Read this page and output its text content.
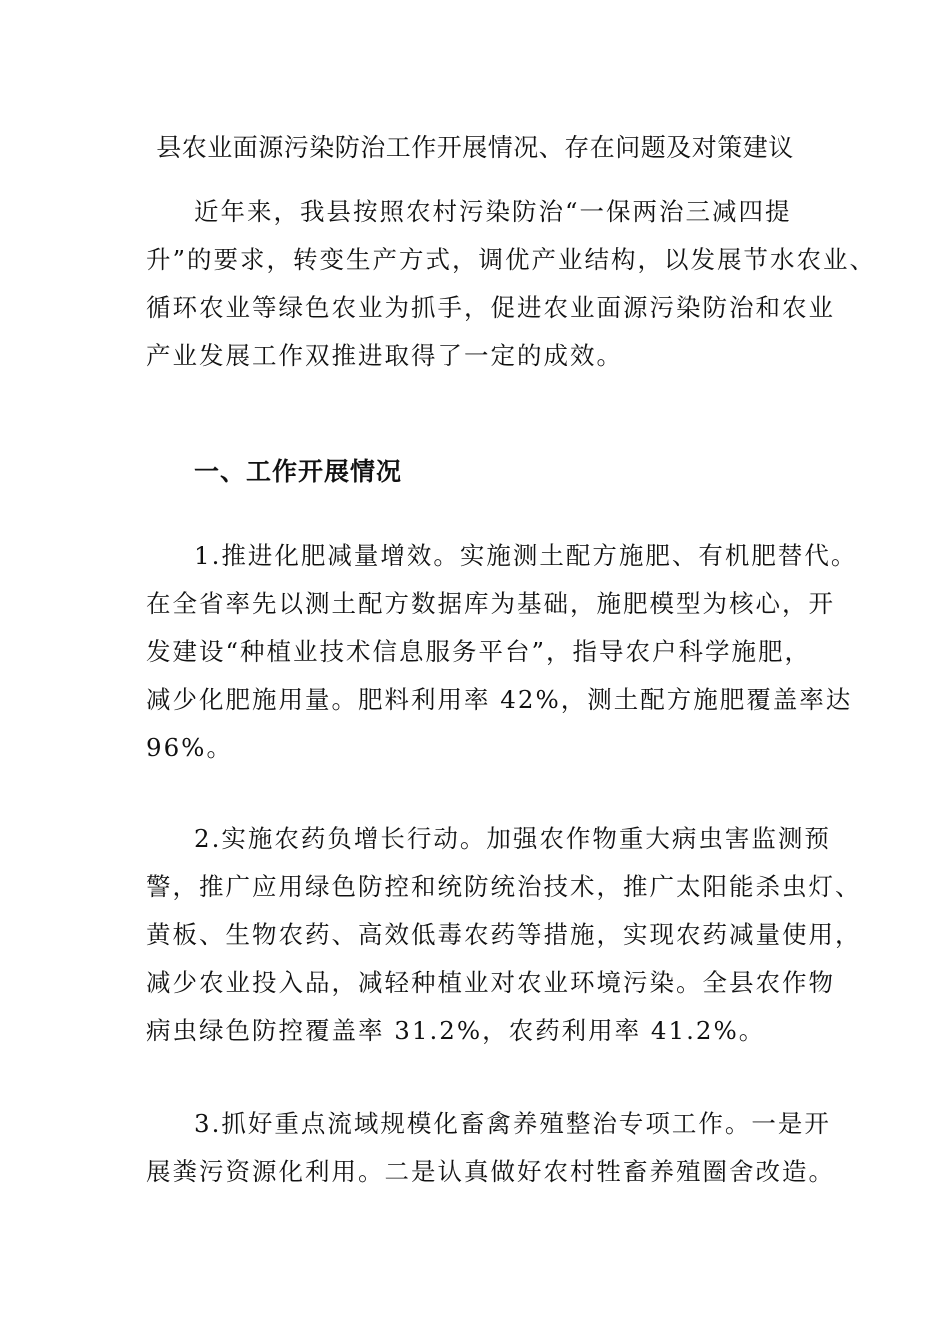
县农业面源污染防治工作开展情况、存在问题及对策建议
近年来，我县按照农村污染防治“一保两治三减四提
升”的要求，转变生产方式，调优产业结构，以发展节水农业、
循环农业等绿色农业为抓手，促进农业面源污染防治和农业
产业发展工作双推进取得了一定的成效。
一、工作开展情况
1.推进化肥减量增效。实施测土配方施肥、有机肥替代。
在全省率先以测土配方数据库为基础，施肥模型为核心，开
发建设“种植业技术信息服务平台”，指导农户科学施肥，
减少化肥施用量。肥料利用率 42%，测土配方施肥覆盖率达
96%。
2.实施农药负增长行动。加强农作物重大病虫害监测预
警，推广应用绿色防控和统防统治技术，推广太阳能杀虫灯、
黄板、生物农药、高效低毒农药等措施，实现农药减量使用，
减少农业投入品，减轻种植业对农业环境污染。全县农作物
病虫绿色防控覆盖率 31.2%，农药利用率 41.2%。
3.抓好重点流域规模化畜禽养殖整治专项工作。一是开
展粪污资源化利用。二是认真做好农村牲畜养殖圈舍改造。
